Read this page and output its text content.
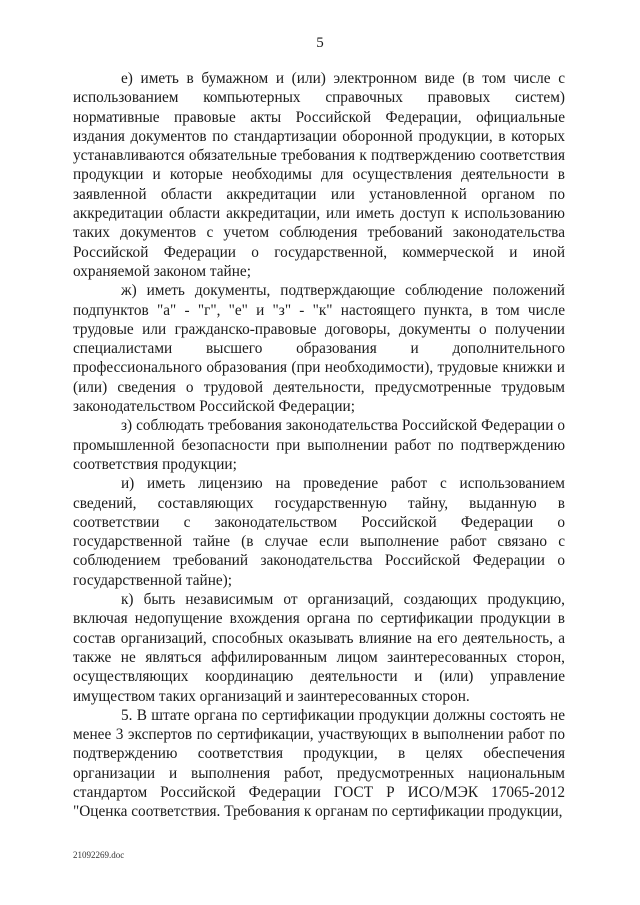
5

е) иметь в бумажном и (или) электронном виде (в том числе с использованием компьютерных справочных правовых систем) нормативные правовые акты Российской Федерации, официальные издания документов по стандартизации оборонной продукции, в которых устанавливаются обязательные требования к подтверждению соответствия продукции и которые необходимы для осуществления деятельности в заявленной области аккредитации или установленной органом по аккредитации области аккредитации, или иметь доступ к использованию таких документов с учетом соблюдения требований законодательства Российской Федерации о государственной, коммерческой и иной охраняемой законом тайне;

ж) иметь документы, подтверждающие соблюдение положений подпунктов "а" - "г", "е" и "з" - "к" настоящего пункта, в том числе трудовые или гражданско-правовые договоры, документы о получении специалистами высшего образования и дополнительного профессионального образования (при необходимости), трудовые книжки и (или) сведения о трудовой деятельности, предусмотренные трудовым законодательством Российской Федерации;

з) соблюдать требования законодательства Российской Федерации о промышленной безопасности при выполнении работ по подтверждению соответствия продукции;

и) иметь лицензию на проведение работ с использованием сведений, составляющих государственную тайну, выданную в соответствии с законодательством Российской Федерации о государственной тайне (в случае если выполнение работ связано с соблюдением требований законодательства Российской Федерации о государственной тайне);

к) быть независимым от организаций, создающих продукцию, включая недопущение вхождения органа по сертификации продукции в состав организаций, способных оказывать влияние на его деятельность, а также не являться аффилированным лицом заинтересованных сторон, осуществляющих координацию деятельности и (или) управление имуществом таких организаций и заинтересованных сторон.

5. В штате органа по сертификации продукции должны состоять не менее 3 экспертов по сертификации, участвующих в выполнении работ по подтверждению соответствия продукции, в целях обеспечения организации и выполнения работ, предусмотренных национальным стандартом Российской Федерации ГОСТ Р ИСО/МЭК 17065-2012 "Оценка соответствия. Требования к органам по сертификации продукции,

21092269.doc
